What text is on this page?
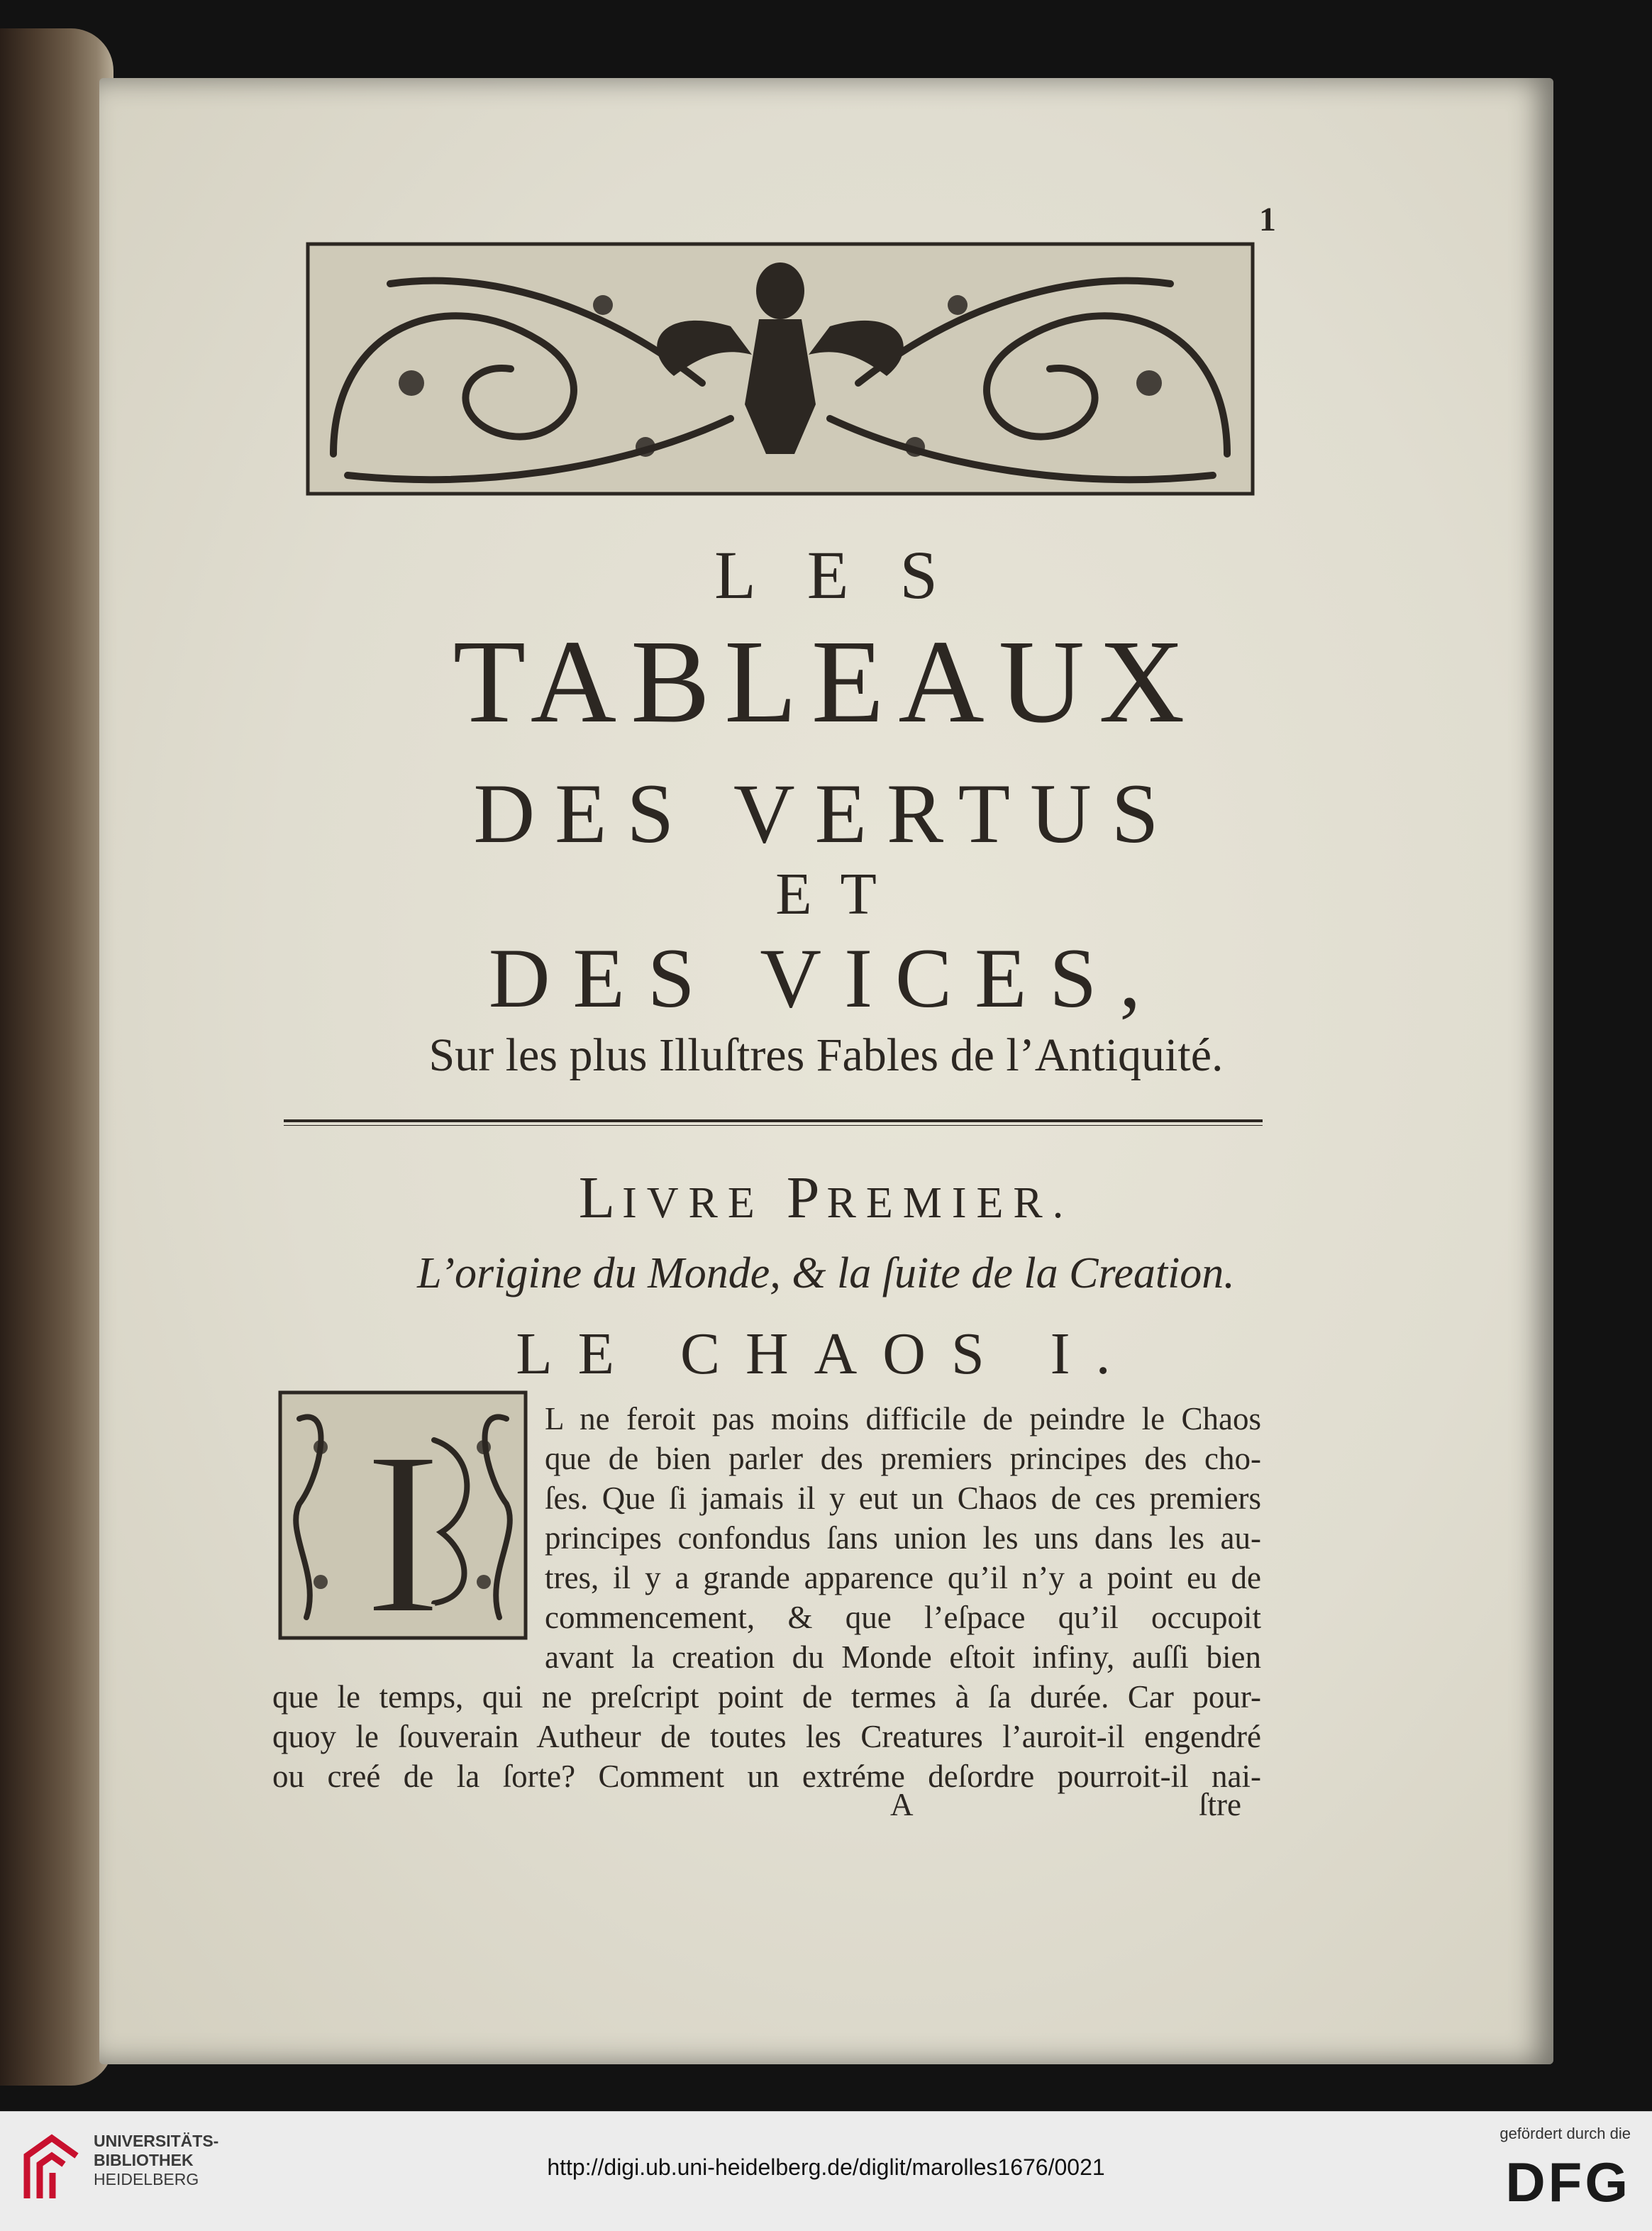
1
LES
TABLEAUX
DES VERTUS
ET
DES VICES,
Sur les plus Illuſtres Fables de l’Antiquité.
LIVRE PREMIER.
L’origine du Monde, & la ſuite de la Creation.
LE CHAOS I.
I	L ne feroit pas moins difficile de peindre le Chaos
que de bien parler des premiers principes des cho-
ſes. Que ſi jamais il y eut un Chaos de ces premiers
principes confondus ſans union les uns dans les au-
tres, il y a grande apparence qu’il n’y a point eu de
commencement, & que l’eſpace qu’il occupoit
avant la creation du Monde eſtoit infiny, auſſi bien
que le temps, qui ne preſcript point de termes à ſa durée. Car pour-
quoy le ſouverain Autheur de toutes les Creatures l’auroit-il engendré
ou creé de la ſorte? Comment un extréme deſordre pourroit-il nai-
A	ſtre
UNIVERSITÄTS-
BIBLIOTHEK
HEIDELBERG	http://digi.ub.uni-heidelberg.de/diglit/marolles1676/0021
gefördert durch die
DFG
